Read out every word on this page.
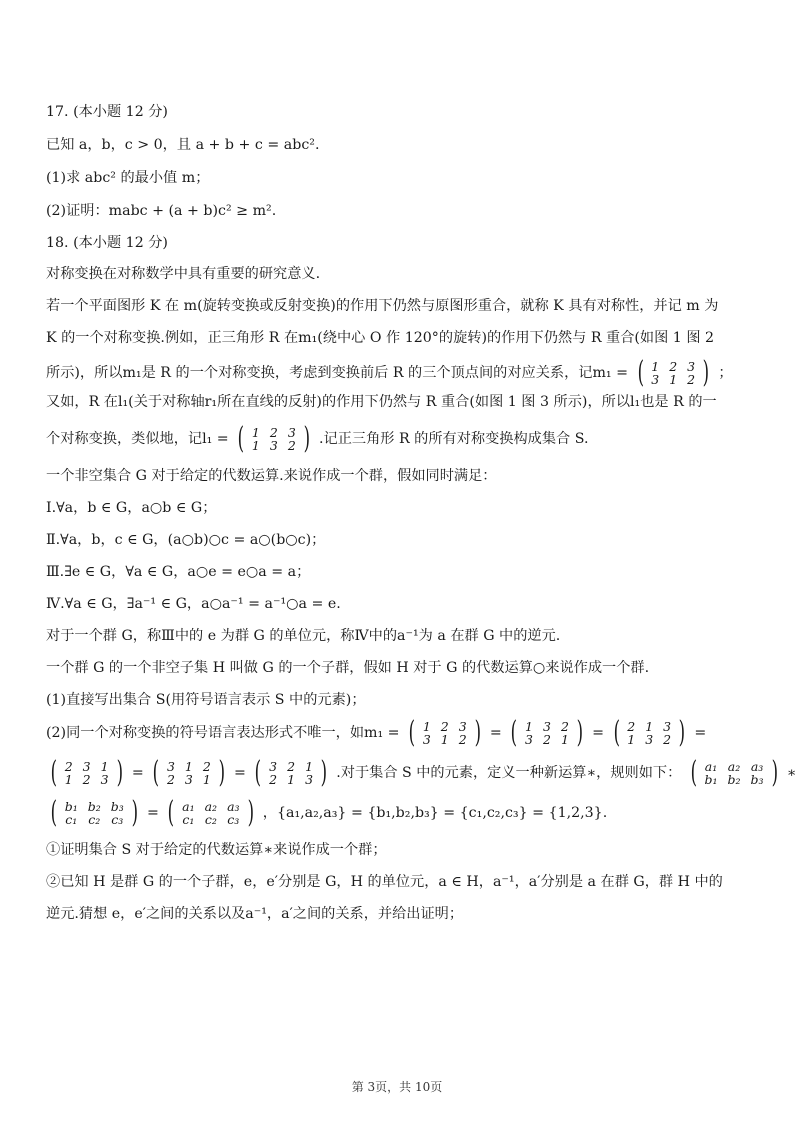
17. (本小题 12 分)
已知 a，b，c > 0，且 a + b + c = abc².
(1)求 abc² 的最小值 m；
(2)证明：mabc + (a + b)c² ≥ m².
18. (本小题 12 分)
对称变换在对称数学中具有重要的研究意义.
若一个平面图形 K 在 m(旋转变换或反射变换)的作用下仍然与原图形重合，就称 K 具有对称性，并记 m 为
K 的一个对称变换.例如，正三角形 R 在m₁(绕中心 O 作 120°的旋转)的作用下仍然与 R 重合(如图 1 图 2
所示)，所以m₁是 R 的一个对称变换，考虑到变换前后 R 的三个顶点间的对应关系，记m₁ = ( 1	2	3
3	1	2 ) ；
又如，R 在l₁(关于对称轴r₁所在直线的反射)的作用下仍然与 R 重合(如图 1 图 3 所示)，所以l₁也是 R 的一
个对称变换，类似地，记l₁ = ( 1	2	3
1	3	2 ) .记正三角形 R 的所有对称变换构成集合 S.
一个非空集合 G 对于给定的代数运算.来说作成一个群，假如同时满足：
Ⅰ.∀a，b ∈ G，a○b ∈ G；
Ⅱ.∀a，b，c ∈ G，(a○b)○c = a○(b○c)；
Ⅲ.∃e ∈ G，∀a ∈ G，a○e = e○a = a；
Ⅳ.∀a ∈ G，∃a⁻¹ ∈ G，a○a⁻¹ = a⁻¹○a = e.
对于一个群 G，称Ⅲ中的 e 为群 G 的单位元，称Ⅳ中的a⁻¹为 a 在群 G 中的逆元.
一个群 G 的一个非空子集 H 叫做 G 的一个子群，假如 H 对于 G 的代数运算○来说作成一个群.
(1)直接写出集合 S(用符号语言表示 S 中的元素)；
(2)同一个对称变换的符号语言表达形式不唯一，如m₁ = ( 1	2	3
3	1	2 ) = ( 1	3	2
3	2	1 ) = ( 2	1	3
1	3	2 ) =
( 2	3	1
1	2	3 ) = ( 3	1	2
2	3	1 ) = ( 3	2	1
2	1	3 ) .对于集合 S 中的元素，定义一种新运算∗，规则如下： ( a₁	a₂	a₃
b₁	b₂	b₃ ) ∗
( b₁	b₂	b₃
c₁	c₂	c₃ ) = ( a₁	a₂	a₃
c₁	c₂	c₃ ) ，{a₁,a₂,a₃} = {b₁,b₂,b₃} = {c₁,c₂,c₃} = {1,2,3}.
①证明集合 S 对于给定的代数运算∗来说作成一个群；
②已知 H 是群 G 的一个子群，e，e′分别是 G，H 的单位元，a ∈ H，a⁻¹，a′分别是 a 在群 G，群 H 中的
逆元.猜想 e，e′之间的关系以及a⁻¹，a′之间的关系，并给出证明；
第 3页，共 10页
